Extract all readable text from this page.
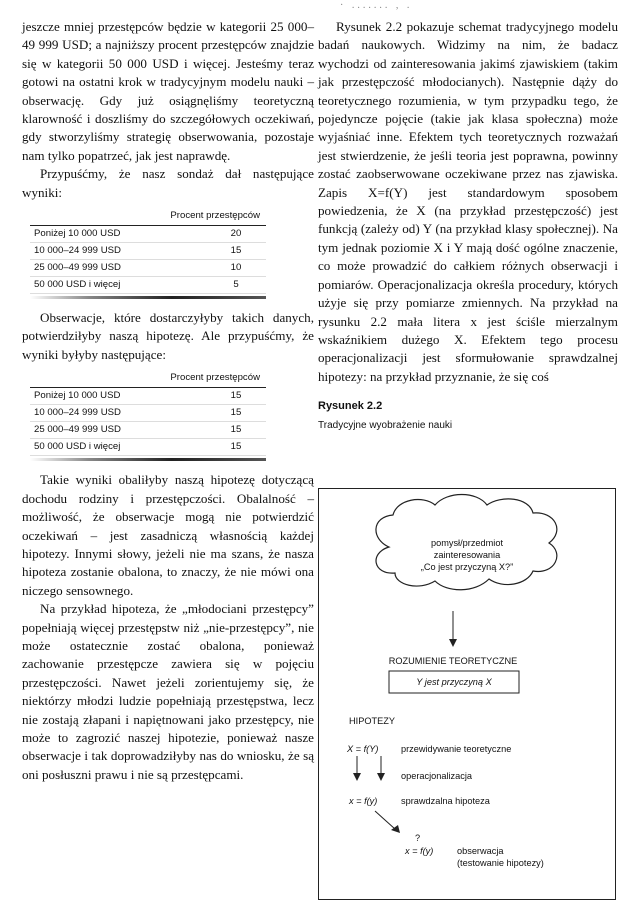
· ....... , .

jeszcze mniej przestępców będzie w kategorii 25 000–49 999 USD; a najniższy procent przestępców znajdzie się w kategorii 50 000 USD i więcej. Jesteśmy teraz gotowi na ostatni krok w tradycyjnym modelu nauki – obserwację. Gdy już osiągnęliśmy teoretyczną klarowność i doszliśmy do szczegółowych oczekiwań, gdy stworzyliśmy strategię obserwowania, pozostaje nam tylko popatrzeć, jak jest naprawdę.

Przypuśćmy, że nasz sondaż dał następujące wyniki:

Procent przestępców
Poniżej 10 000 USD	20
10 000–24 999 USD	15
25 000–49 999 USD	10
50 000 USD i więcej	5

Obserwacje, które dostarczyłyby takich danych, potwierdziłyby naszą hipotezę. Ale przypuśćmy, że wyniki byłyby następujące:

Procent przestępców
Poniżej 10 000 USD	15
10 000–24 999 USD	15
25 000–49 999 USD	15
50 000 USD i więcej	15

Takie wyniki obaliłyby naszą hipotezę dotyczącą dochodu rodziny i przestępczości. Obalalność – możliwość, że obserwacje mogą nie potwierdzić oczekiwań – jest zasadniczą własnością każdej hipotezy. Innymi słowy, jeżeli nie ma szans, że nasza hipoteza zostanie obalona, to znaczy, że nie mówi ona niczego sensownego.

Na przykład hipoteza, że „młodociani przestępcy” popełniają więcej przestępstw niż „nie-przestępcy”, nie może ostatecznie zostać obalona, ponieważ zachowanie przestępcze zawiera się w pojęciu przestępczości. Nawet jeżeli zorientujemy się, że niektórzy młodzi ludzie popełniają przestępstwa, lecz nie zostają złapani i napiętnowani jako przestępcy, nie może to zagrozić naszej hipotezie, ponieważ nasze obserwacje i tak doprowadziłyby nas do wniosku, że są oni posłuszni prawu i nie są przestępcami.

Rysunek 2.2 pokazuje schemat tradycyjnego modelu badań naukowych. Widzimy na nim, że badacz wychodzi od zainteresowania jakimś zjawiskiem (takim jak przestępczość młodocianych). Następnie dąży do teoretycznego rozumienia, w tym przypadku tego, że pojedyncze pojęcie (takie jak klasa społeczna) może wyjaśniać inne. Efektem tych teoretycznych rozważań jest stwierdzenie, że jeśli teoria jest poprawna, powinny zostać zaobserwowane oczekiwane przez nas zjawiska. Zapis X=f(Y) jest standardowym sposobem powiedzenia, że X (na przykład przestępczość) jest funkcją (zależy od) Y (na przykład klasy społecznej). Na tym jednak poziomie X i Y mają dość ogólne znaczenie, co może prowadzić do całkiem różnych obserwacji i pomiarów. Operacjonalizacja określa procedury, których użyje się przy pomiarze zmiennych. Na przykład na rysunku 2.2 mała litera x jest ściśle mierzalnym wskaźnikiem dużego X. Efektem tego procesu operacjonalizacji jest sformułowanie sprawdzalnej hipotezy: na przykład przyznanie, że się coś

Rysunek 2.2
Tradycyjne wyobrażenie nauki
pomysł/przedmiot
zainteresowania
„Co jest przyczyną X?”
ROZUMIENIE TEORETYCZNE
Y jest przyczyną X
HIPOTEZY
X = f(Y) przewidywanie teoretyczne
operacjonalizacja
x = f(y)	sprawdzalna hipoteza
?
x = f(y)	obserwacja
(testowanie hipotezy)
